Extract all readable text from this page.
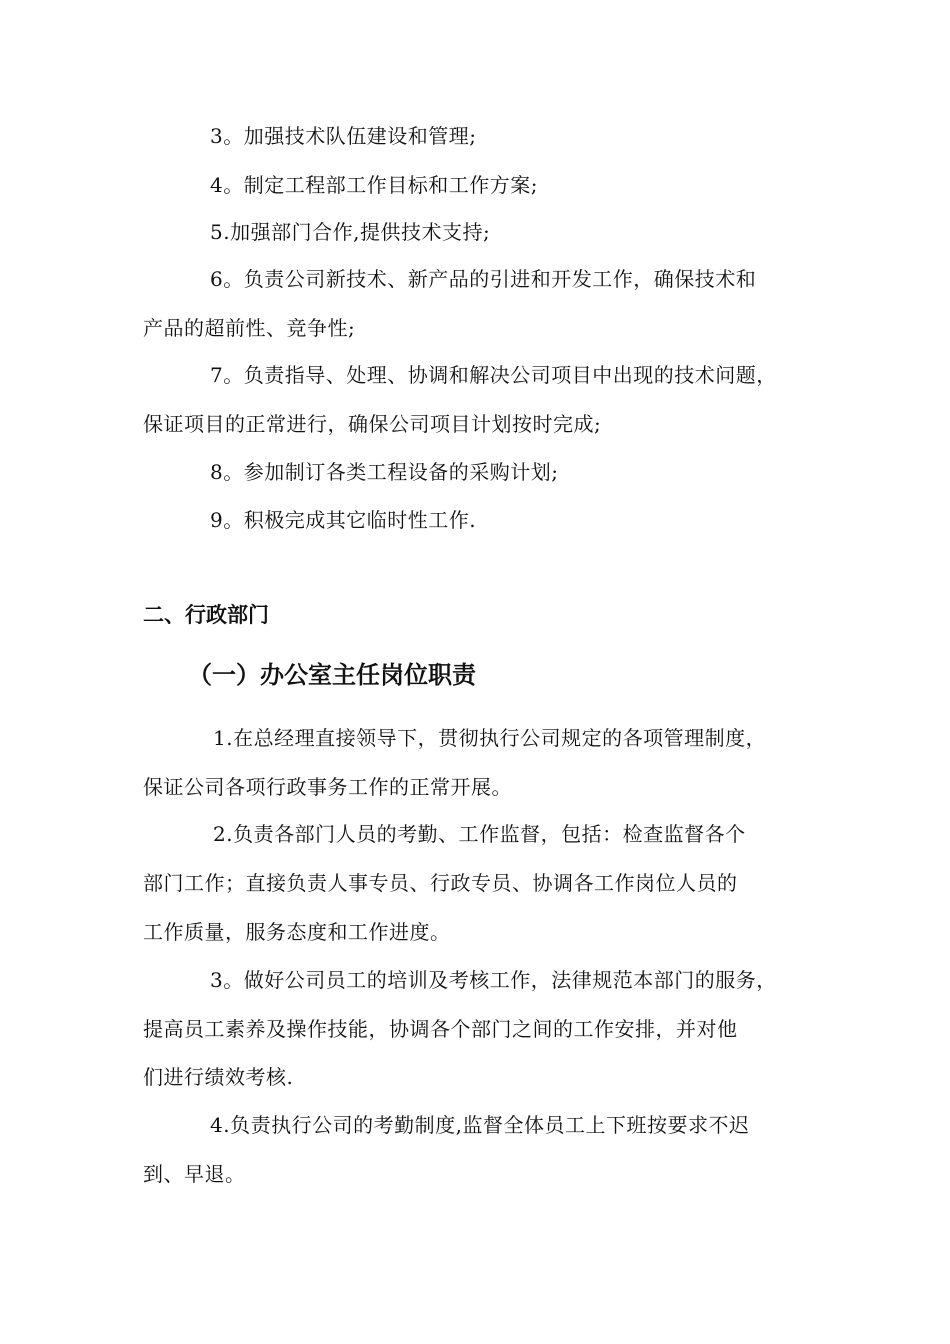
3。加强技术队伍建设和管理;
4。制定工程部工作目标和工作方案;
5.加强部门合作,提供技术支持;
6。负责公司新技术、新产品的引进和开发工作，确保技术和
产品的超前性、竞争性;
7。负责指导、处理、协调和解决公司项目中出现的技术问题，
保证项目的正常进行，确保公司项目计划按时完成;
8。参加制订各类工程设备的采购计划;
9。积极完成其它临时性工作.
二、行政部门
（一）办公室主任岗位职责
1.在总经理直接领导下，贯彻执行公司规定的各项管理制度，
保证公司各项行政事务工作的正常开展。
2.负责各部门人员的考勤、工作监督，包括：检查监督各个
部门工作；直接负责人事专员、行政专员、协调各工作岗位人员的
工作质量，服务态度和工作进度。
3。做好公司员工的培训及考核工作，法律规范本部门的服务，
提高员工素养及操作技能，协调各个部门之间的工作安排，并对他
们进行绩效考核.
4.负责执行公司的考勤制度,监督全体员工上下班按要求不迟
到、早退。
